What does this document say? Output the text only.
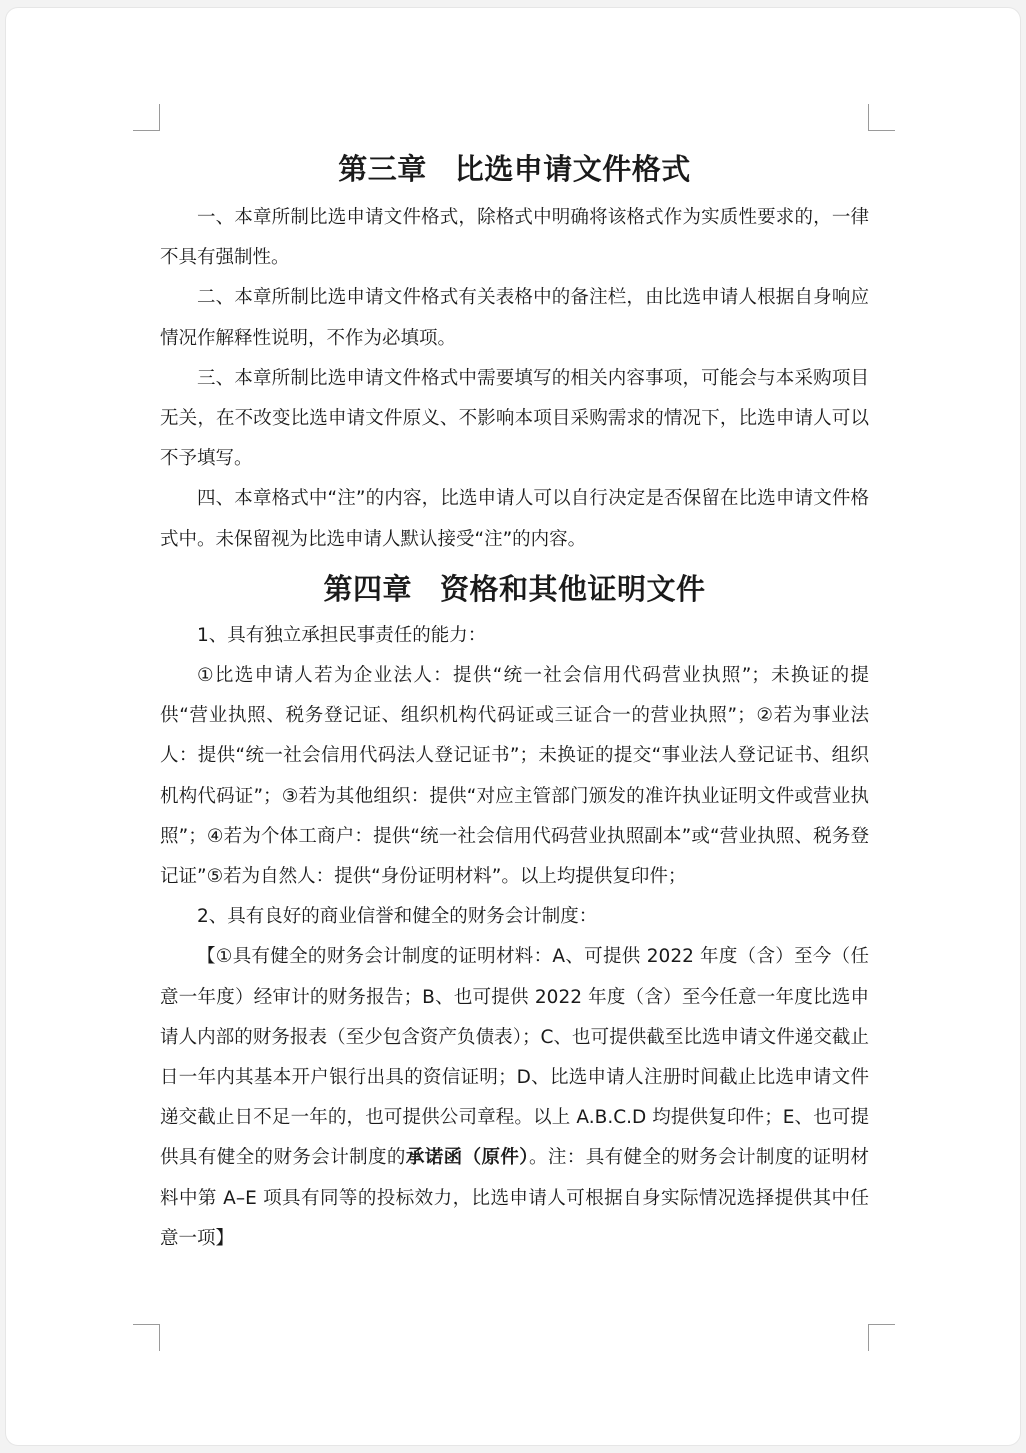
第三章 比选申请文件格式

一、本章所制比选申请文件格式，除格式中明确将该格式作为实质性要求的，一律不具有强制性。

二、本章所制比选申请文件格式有关表格中的备注栏，由比选申请人根据自身响应情况作解释性说明，不作为必填项。

三、本章所制比选申请文件格式中需要填写的相关内容事项，可能会与本采购项目无关，在不改变比选申请文件原义、不影响本项目采购需求的情况下，比选申请人可以不予填写。

四、本章格式中“注”的内容，比选申请人可以自行决定是否保留在比选申请文件格式中。未保留视为比选申请人默认接受“注”的内容。

第四章 资格和其他证明文件

1、具有独立承担民事责任的能力：

①比选申请人若为企业法人：提供“统一社会信用代码营业执照”；未换证的提供“营业执照、税务登记证、组织机构代码证或三证合一的营业执照”；②若为事业法人：提供“统一社会信用代码法人登记证书”；未换证的提交“事业法人登记证书、组织机构代码证”；③若为其他组织：提供“对应主管部门颁发的准许执业证明文件或营业执照”；④若为个体工商户：提供“统一社会信用代码营业执照副本”或“营业执照、税务登记证”⑤若为自然人：提供“身份证明材料”。以上均提供复印件；

2、具有良好的商业信誉和健全的财务会计制度：

【①具有健全的财务会计制度的证明材料：A、可提供 2022 年度（含）至今（任意一年度）经审计的财务报告；B、也可提供 2022 年度（含）至今任意一年度比选申请人内部的财务报表（至少包含资产负债表）；C、也可提供截至比选申请文件递交截止日一年内其基本开户银行出具的资信证明；D、比选申请人注册时间截止比选申请文件递交截止日不足一年的，也可提供公司章程。以上 A.B.C.D 均提供复印件；E、也可提供具有健全的财务会计制度的承诺函（原件）。注：具有健全的财务会计制度的证明材料中第 A–E 项具有同等的投标效力，比选申请人可根据自身实际情况选择提供其中任意一项】
